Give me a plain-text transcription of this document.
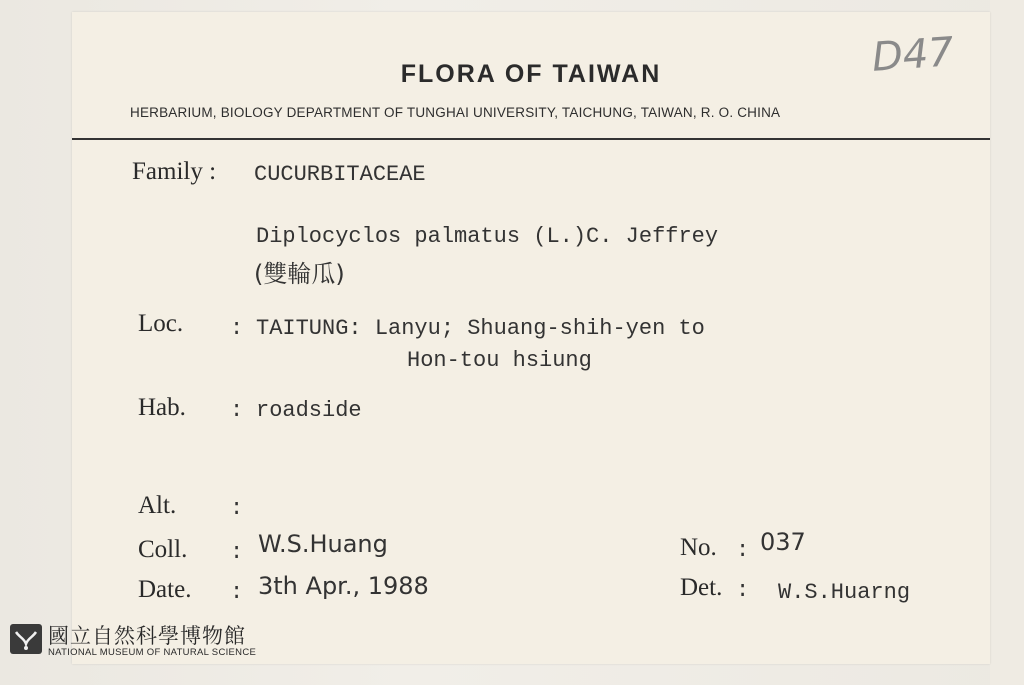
FLORA OF TAIWAN	D47
HERBARIUM, BIOLOGY DEPARTMENT OF TUNGHAI UNIVERSITY, TAICHUNG, TAIWAN, R. O. CHINA
Family : CUCURBITACEAE
Diplocyclos palmatus (L.)C. Jeffrey
(雙輪瓜)
Loc. : TAITUNG: Lanyu; Shuang-shih-yen to
Hon-tou hsiung
Hab. : roadside
Alt. :
Coll. : W.S.Huang	No. : 037
Date. : 3th Apr., 1988	Det. : W.S.Huarng
國立自然科學博物館
NATIONAL MUSEUM OF NATURAL SCIENCE
